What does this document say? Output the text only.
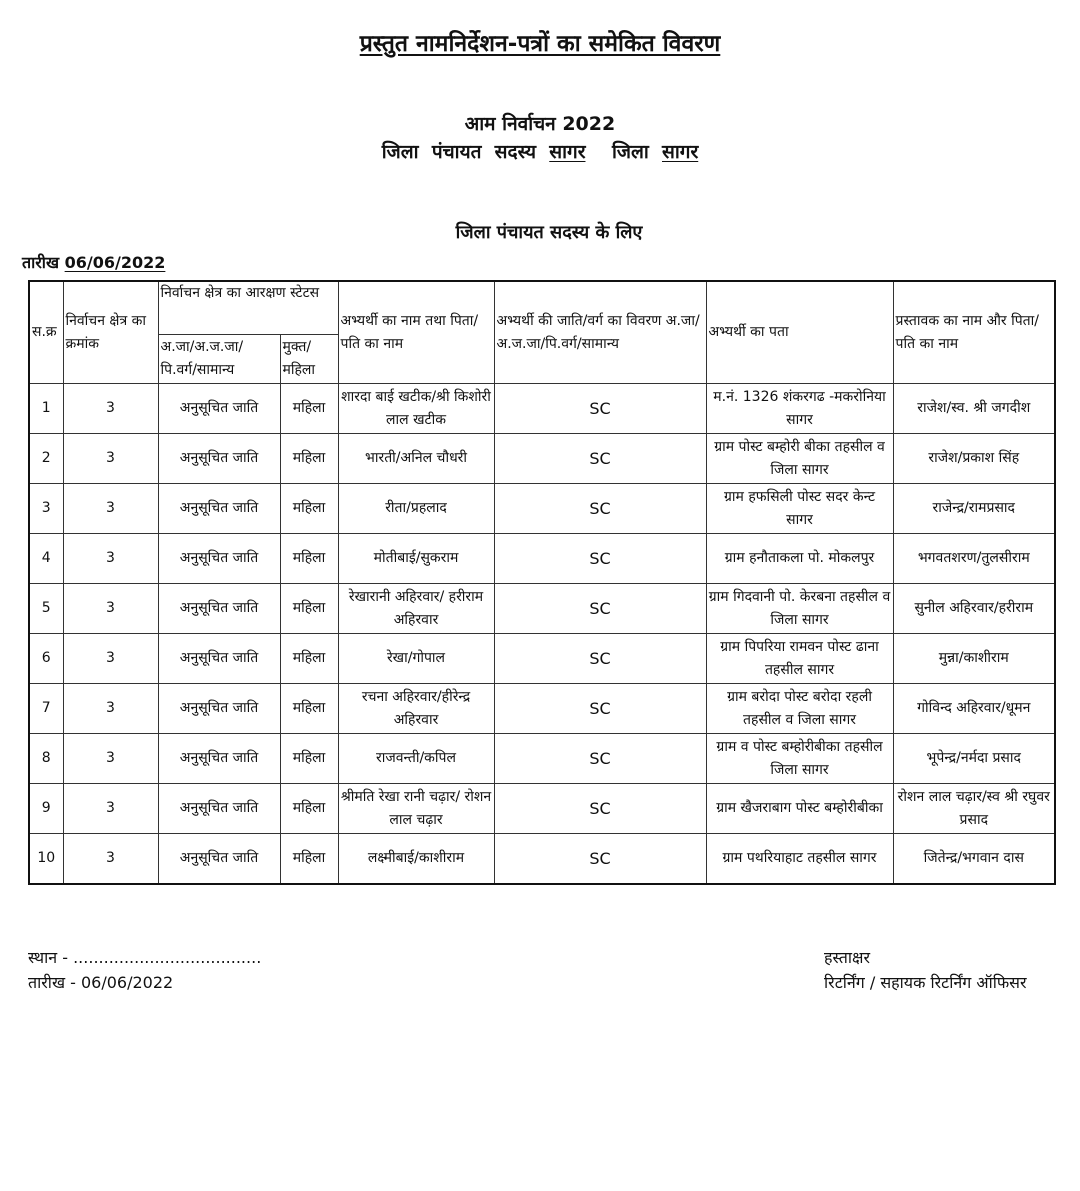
प्रस्तुत नामनिर्देशन-पत्रों का समेकित विवरण
आम निर्वाचन 2022
जिला  पंचायत  सदस्य  सागर    जिला  सागर
जिला पंचायत सदस्य के लिए
तारीख 06/06/2022
स.क्र	निर्वाचन क्षेत्र का क्रमांक	निर्वाचन क्षेत्र का आरक्षण स्टेटस		अभ्यर्थी का नाम तथा पिता/पति का नाम	अभ्यर्थी की जाति/वर्ग का विवरण अ.जा/अ.ज.जा/पि.वर्ग/सामान्य	अभ्यर्थी का पता	प्रस्तावक का नाम और पिता/पति का नाम
		अ.जा/अ.ज.जा/ पि.वर्ग/सामान्य	मुक्त/ महिला				
1	3	अनुसूचित जाति	महिला	शारदा बाई खटीक/श्री किशोरी लाल खटीक	SC	म.नं. 1326 शंकरगढ -मकरोनिया सागर	राजेश/स्व. श्री जगदीश
2	3	अनुसूचित जाति	महिला	भारती/अनिल चौधरी	SC	ग्राम पोस्ट बम्होरी बीका तहसील व जिला सागर	राजेश/प्रकाश सिंह
3	3	अनुसूचित जाति	महिला	रीता/प्रहलाद	SC	ग्राम हफसिली पोस्ट सदर केन्ट सागर	राजेन्द्र/रामप्रसाद
4	3	अनुसूचित जाति	महिला	मोतीबाई/सुकराम	SC	ग्राम हनौताकला पो. मोकलपुर	भगवतशरण/तुलसीराम
5	3	अनुसूचित जाति	महिला	रेखारानी अहिरवार/ हरीराम अहिरवार	SC	ग्राम गिदवानी पो. केरबना तहसील व जिला सागर	सुनील अहिरवार/हरीराम
6	3	अनुसूचित जाति	महिला	रेखा/गोपाल	SC	ग्राम पिपरिया रामवन पोस्ट ढाना तहसील सागर	मुन्ना/काशीराम
7	3	अनुसूचित जाति	महिला	रचना अहिरवार/हीरेन्द्र अहिरवार	SC	ग्राम बरोदा पोस्ट बरोदा रहली तहसील व जिला सागर	गोविन्द अहिरवार/धूमन
8	3	अनुसूचित जाति	महिला	राजवन्ती/कपिल	SC	ग्राम व पोस्ट बम्होरीबीका तहसील जिला सागर	भूपेन्द्र/नर्मदा प्रसाद
9	3	अनुसूचित जाति	महिला	श्रीमति रेखा रानी चढ़ार/ रोशन लाल चढ़ार	SC	ग्राम खैजराबाग पोस्ट बम्होरीबीका	रोशन लाल चढ़ार/स्व श्री रघुवर प्रसाद
10	3	अनुसूचित जाति	महिला	लक्ष्मीबाई/काशीराम	SC	ग्राम पथरियाहाट तहसील सागर	जितेन्द्र/भगवान दास
स्थान - .....................................
तारीख - 06/06/2022
हस्ताक्षर
रिटर्निंग / सहायक रिटर्निंग ऑफिसर
